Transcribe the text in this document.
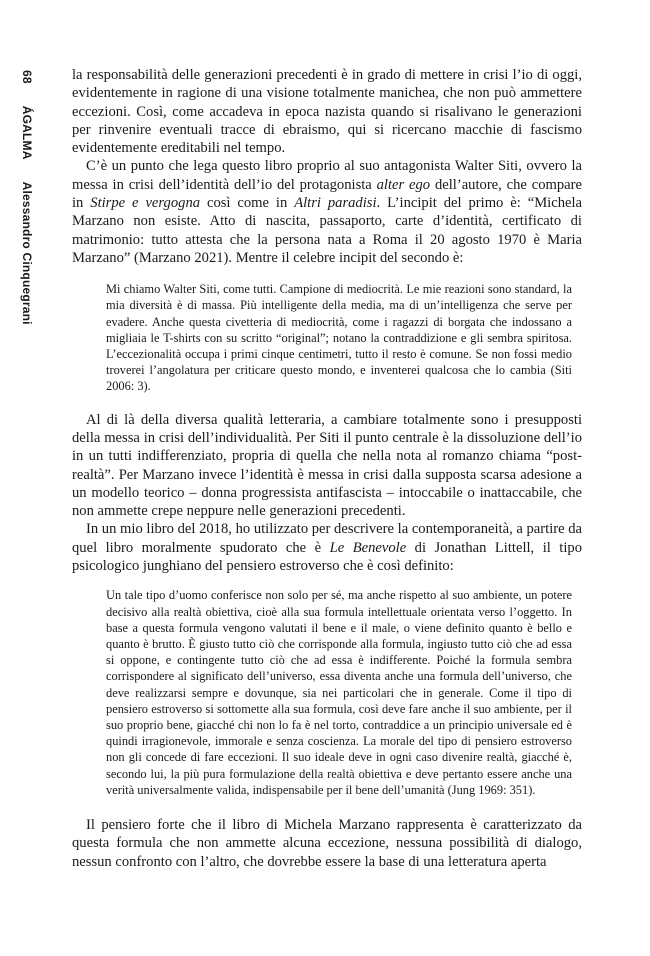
68
ÁGALMA
Alessandro Cinquegrani

la responsabilità delle generazioni precedenti è in grado di mettere in crisi l’io di oggi, evidentemente in ragione di una visione totalmente manichea, che non può ammettere eccezioni. Così, come accadeva in epoca nazista quando si risalivano le generazioni per rinvenire eventuali tracce di ebraismo, qui si ricercano macchie di fascismo evidentemente ereditabili nel tempo.

C’è un punto che lega questo libro proprio al suo antagonista Walter Siti, ovvero la messa in crisi dell’identità dell’io del protagonista alter ego dell’autore, che compare in Stirpe e vergogna così come in Altri paradisi. L’incipit del primo è: “Michela Marzano non esiste. Atto di nascita, passaporto, carte d’identità, certificato di matrimonio: tutto attesta che la persona nata a Roma il 20 agosto 1970 è Maria Marzano” (Marzano 2021). Mentre il celebre incipit del secondo è:

Mi chiamo Walter Siti, come tutti. Campione di mediocrità. Le mie reazioni sono standard, la mia diversità è di massa. Più intelligente della media, ma di un’intelligenza che serve per evadere. Anche questa civetteria di mediocrità, come i ragazzi di borgata che indossano a migliaia le T-shirts con su scritto “original”; notano la contraddizione e gli sembra spiritosa. L’eccezionalità occupa i primi cinque centimetri, tutto il resto è comune. Se non fossi medio troverei l’angolatura per criticare questo mondo, e inventerei qualcosa che lo cambia (Siti 2006: 3).

Al di là della diversa qualità letteraria, a cambiare totalmente sono i presupposti della messa in crisi dell’individualità. Per Siti il punto centrale è la dissoluzione dell’io in un tutti indifferenziato, propria di quella che nella nota al romanzo chiama “post-realtà”. Per Marzano invece l’identità è messa in crisi dalla supposta scarsa adesione a un modello teorico – donna progressista antifascista – intoccabile o inattaccabile, che non ammette crepe neppure nelle generazioni precedenti.

In un mio libro del 2018, ho utilizzato per descrivere la contemporaneità, a partire da quel libro moralmente spudorato che è Le Benevole di Jonathan Littell, il tipo psicologico junghiano del pensiero estroverso che è così definito:

Un tale tipo d’uomo conferisce non solo per sé, ma anche rispetto al suo ambiente, un potere decisivo alla realtà obiettiva, cioè alla sua formula intellettuale orientata verso l’oggetto. In base a questa formula vengono valutati il bene e il male, o viene definito quanto è bello e quanto è brutto. È giusto tutto ciò che corrisponde alla formula, ingiusto tutto ciò che ad essa si oppone, e contingente tutto ciò che ad essa è indifferente. Poiché la formula sembra corrispondere al significato dell’universo, essa diventa anche una formula dell’universo, che deve realizzarsi sempre e dovunque, sia nei particolari che in generale. Come il tipo di pensiero estroverso si sottomette alla sua formula, così deve fare anche il suo ambiente, per il suo proprio bene, giacché chi non lo fa è nel torto, contraddice a un principio universale ed è quindi irragionevole, immorale e senza coscienza. La morale del tipo di pensiero estroverso non gli concede di fare eccezioni. Il suo ideale deve in ogni caso divenire realtà, giacché è, secondo lui, la più pura formulazione della realtà obiettiva e deve pertanto essere anche una verità universalmente valida, indispensabile per il bene dell’umanità (Jung 1969: 351).

Il pensiero forte che il libro di Michela Marzano rappresenta è caratterizzato da questa formula che non ammette alcuna eccezione, nessuna possibilità di dialogo, nessun confronto con l’altro, che dovrebbe essere la base di una letteratura aperta
